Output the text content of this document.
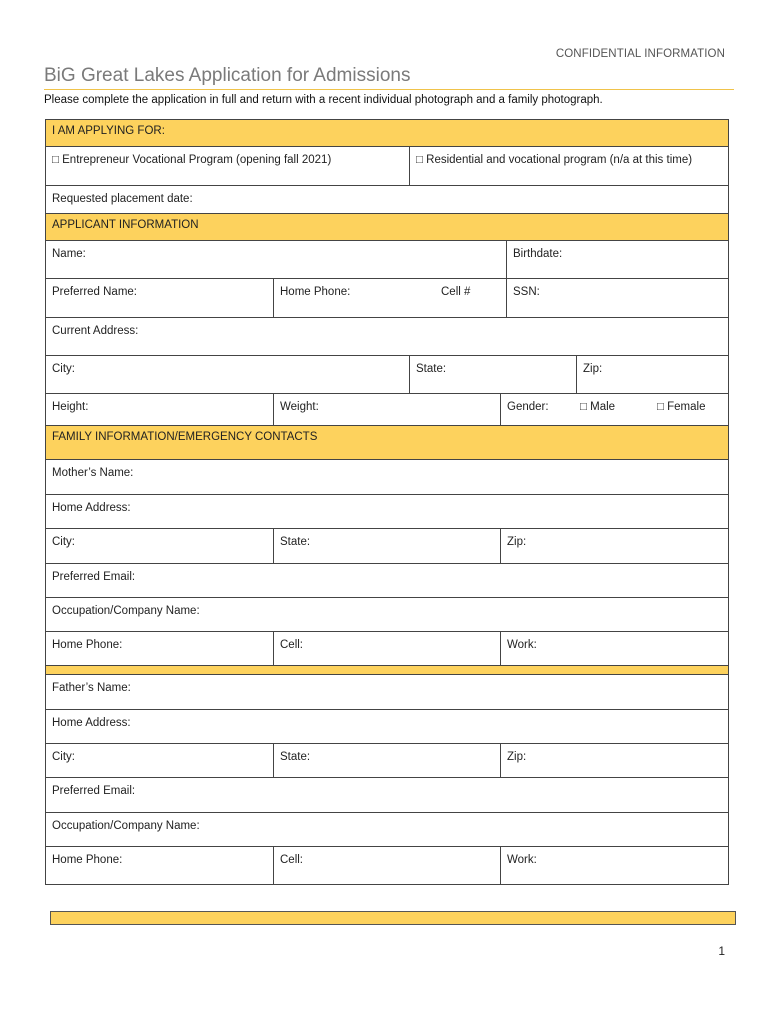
CONFIDENTIAL INFORMATION
BiG Great Lakes Application for Admissions
Please complete the application in full and return with a recent individual photograph and a family photograph.
I AM APPLYING FOR:					
□ Entrepreneur Vocational Program (opening fall 2021)		□ Residential and vocational program (n/a at this time)			
Requested placement date:					
APPLICANT INFORMATION					
Name:				Birthdate:	
Preferred Name:	Home Phone: Cell #			SSN:	
Current Address:					
City:		State:			Zip:
Height:	Weight:		Gender: □ Male □ Female		
FAMILY INFORMATION/EMERGENCY CONTACTS		
Mother’s Name:		
Home Address:		
City:	State:	Zip:
Preferred Email:		
Occupation/Company Name:		
Home Phone:	Cell:	Work:

Father’s Name:		
Home Address:		
City:	State:	Zip:
Preferred Email:		
Occupation/Company Name:		
Home Phone:	Cell:	Work:
1
